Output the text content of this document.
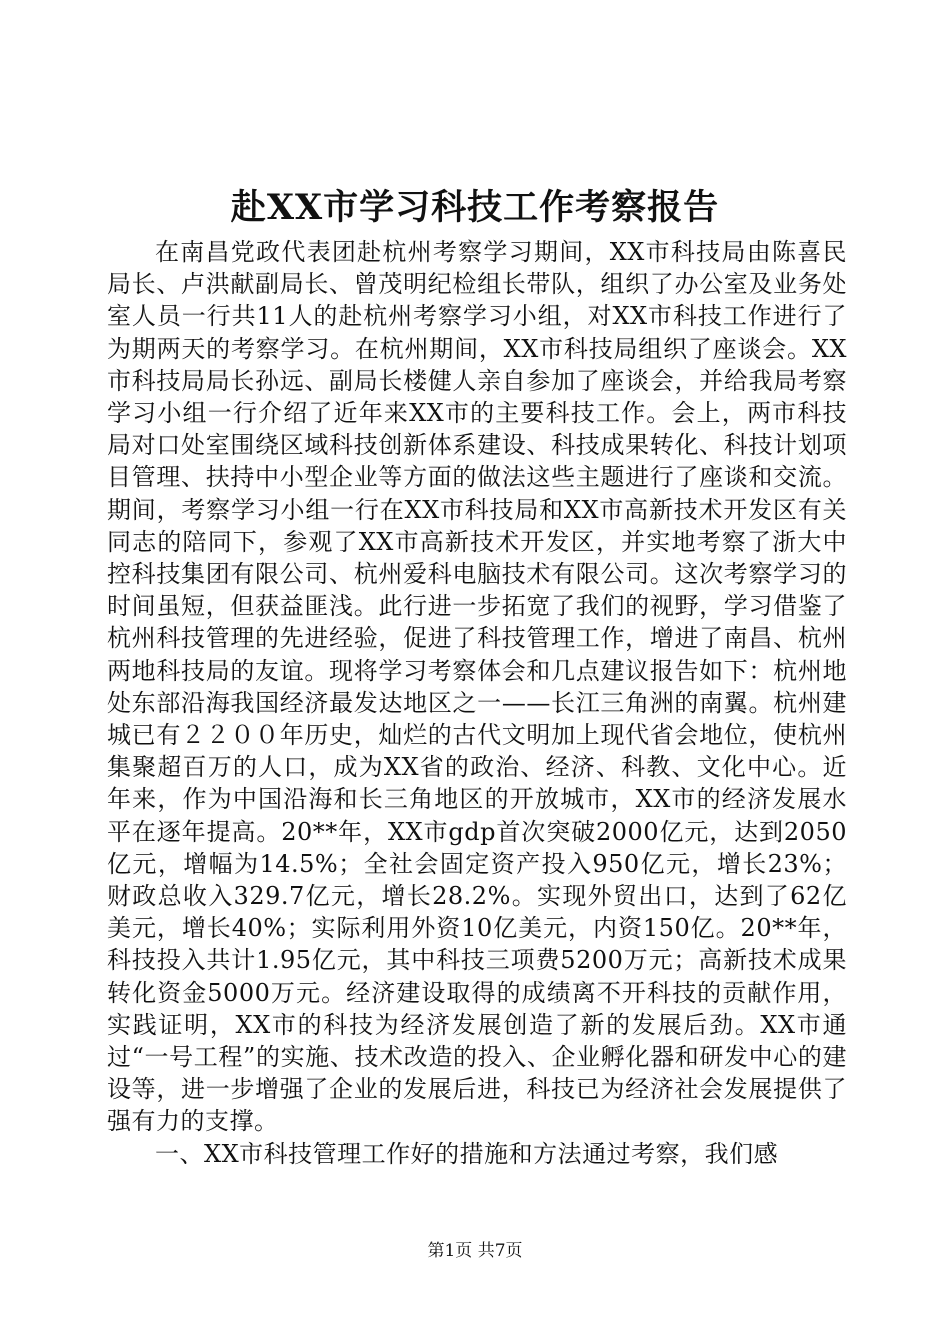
赴XX市学习科技工作考察报告

在南昌党政代表团赴杭州考察学习期间，XX市科技局由陈喜民局长、卢洪献副局长、曾茂明纪检组长带队，组织了办公室及业务处室人员一行共11人的赴杭州考察学习小组，对XX市科技工作进行了为期两天的考察学习。在杭州期间，XX市科技局组织了座谈会。XX市科技局局长孙远、副局长楼健人亲自参加了座谈会，并给我局考察学习小组一行介绍了近年来XX市的主要科技工作。会上，两市科技局对口处室围绕区域科技创新体系建设、科技成果转化、科技计划项目管理、扶持中小型企业等方面的做法这些主题进行了座谈和交流。期间，考察学习小组一行在XX市科技局和XX市高新技术开发区有关同志的陪同下，参观了XX市高新技术开发区，并实地考察了浙大中控科技集团有限公司、杭州爱科电脑技术有限公司。这次考察学习的时间虽短，但获益匪浅。此行进一步拓宽了我们的视野，学习借鉴了杭州科技管理的先进经验，促进了科技管理工作，增进了南昌、杭州两地科技局的友谊。现将学习考察体会和几点建议报告如下：杭州地处东部沿海我国经济最发达地区之一——长江三角洲的南翼。杭州建城已有２２００年历史，灿烂的古代文明加上现代省会地位，使杭州集聚超百万的人口，成为XX省的政治、经济、科教、文化中心。近年来，作为中国沿海和长三角地区的开放城市，XX市的经济发展水平在逐年提高。20**年，XX市gdp首次突破2000亿元，达到2050亿元，增幅为14.5%；全社会固定资产投入950亿元，增长23%；财政总收入329.7亿元，增长28.2%。实现外贸出口，达到了62亿美元，增长40%；实际利用外资10亿美元，内资150亿。20**年，科技投入共计1.95亿元，其中科技三项费5200万元；高新技术成果转化资金5000万元。经济建设取得的成绩离不开科技的贡献作用，实践证明，XX市的科技为经济发展创造了新的发展后劲。XX市通过“一号工程”的实施、技术改造的投入、企业孵化器和研发中心的建设等，进一步增强了企业的发展后进，科技已为经济社会发展提供了强有力的支撑。

一、XX市科技管理工作好的措施和方法通过考察，我们感

第1页 共7页
